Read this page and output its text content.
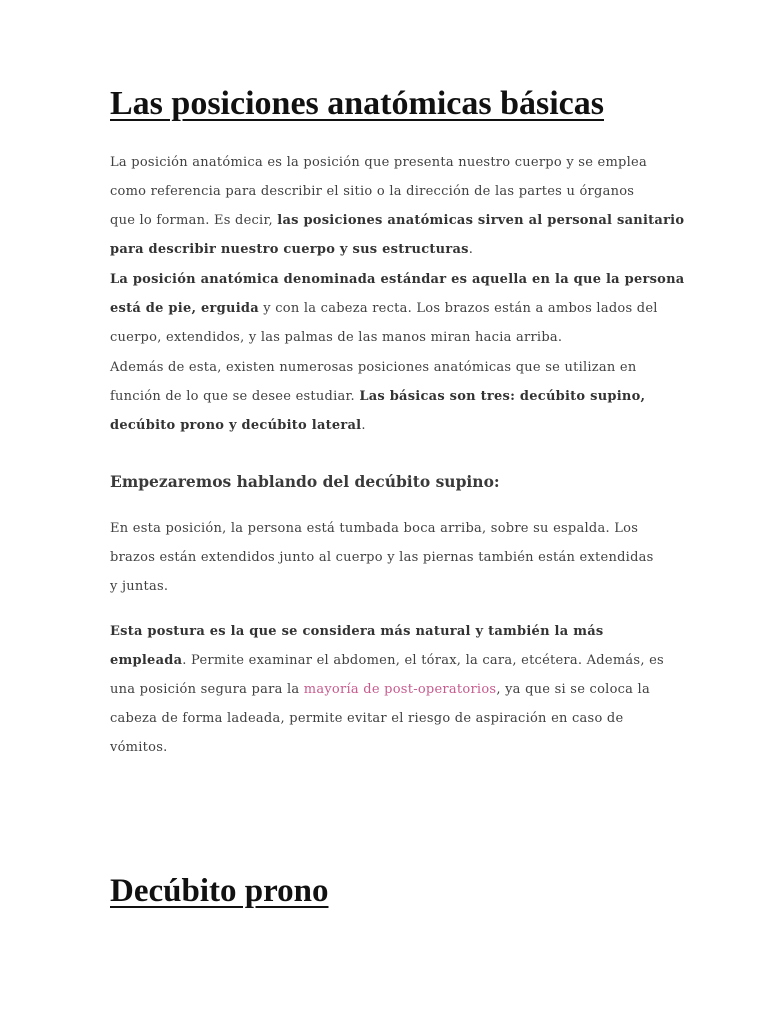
Las posiciones anatómicas básicas

La posición anatómica es la posición que presenta nuestro cuerpo y se emplea
como referencia para describir el sitio o la dirección de las partes u órganos
que lo forman. Es decir, las posiciones anatómicas sirven al personal sanitario
para describir nuestro cuerpo y sus estructuras.

La posición anatómica denominada estándar es aquella en la que la persona
está de pie, erguida y con la cabeza recta. Los brazos están a ambos lados del
cuerpo, extendidos, y las palmas de las manos miran hacia arriba.

Además de esta, existen numerosas posiciones anatómicas que se utilizan en
función de lo que se desee estudiar. Las básicas son tres: decúbito supino,
decúbito prono y decúbito lateral.

Empezaremos hablando del decúbito supino:

En esta posición, la persona está tumbada boca arriba, sobre su espalda. Los
brazos están extendidos junto al cuerpo y las piernas también están extendidas
y juntas.

Esta postura es la que se considera más natural y también la más
empleada. Permite examinar el abdomen, el tórax, la cara, etcétera. Además, es
una posición segura para la mayoría de post-operatorios, ya que si se coloca la
cabeza de forma ladeada, permite evitar el riesgo de aspiración en caso de
vómitos.

Decúbito prono
